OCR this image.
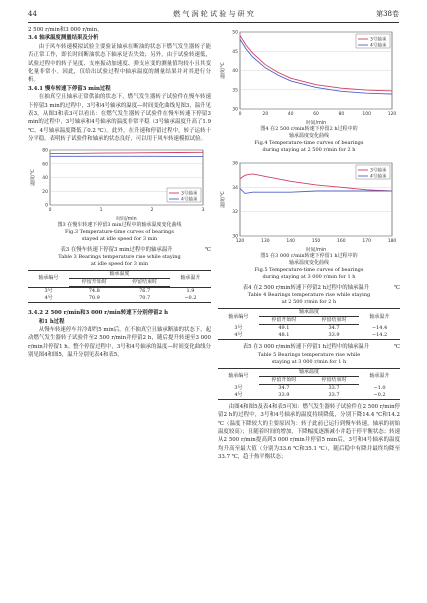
44	燃 气 涡 轮 试 验 与 研 究	第38卷

2 500 r/min和3 000 r/min。

3.4 轴承温度测量结果及分析

由于风车转速模拟试验主要验证轴承在断油的状态下燃气发生器转子能否正常工作，即长时间断油状态下轴承是否失效；另外，由于试验转速低，试验过程中的转子晃度、支座振动加速度、弹支应变的测量值均较小且其变化量非常小。因此，仅给出试验过程中轴承温度的测量结果并对其进行分析。

3.4.1 慢车转速下停留3 min过程

在抽真空且轴承正常供油的状态下，燃气发生器转子试验件在慢车转速下停留3 min的过程中，3号和4号轴承的温度—时间变化曲线见图3，温升见表3。从图3和表3可以看出：在燃气发生器转子试验件在慢车转速下停留3 min的过程中，3号轴承和4号轴承的温度非常平稳（3号轴承温度升高了1.9 ℃，4号轴承温度降低了0.2 ℃）。此外，在升速和停留过程中，转子运转十分平稳，表明转子试验件和轴承的状态良好，可以用于风车转速模拟试验。

0
20
40
60
80
0	1	2	3
时间/min
温度/℃
3号轴承
4号轴承

图3 在慢车转速下停留3 min过程中的轴承温度变化曲线

Fig.3 Temperature-time curves of bearings

stayed at idle speed for 3 min

表3 在慢车转速下停留3 min过程中的轴承温升	℃

Table 3 Bearings temperature rise while staying

at idle speed for 3 min

轴承编号	轴承温度		轴承温升
	停留开始时	停留结束时	

3号	74.8	76.7	1.9
4号	70.9	70.7	−0.2

3.4.2 2 500 r/min和3 000 r/min转速下分别停留2 h

和1 h过程

从慢车转速停车并冷却约5 min后，在不抽真空且轴承断油的状态下，起动燃气发生器转子试验件至2 500 r/min并停留2 h，随后提升转速至3 000 r/min并停留1 h。整个停留过程中，3号和4号轴承的温度—时间变化曲线分别见图4和图5，温升分别见表4和表5。

30
35
40
45
50
0	20	40	60	80	100	120
时间/min
温度/℃
3号轴承
4号轴承

图4 在2 500 r/min转速下停留2 h过程中的

轴承温度变化曲线

Fig.4 Temperature-time curves of bearings

during staying at 2 500 r/min for 2 h

30
32
34
36
120	130	140	150	160	170	180
时间/min
温度/℃
3号轴承
4号轴承

图5 在3 000 r/min转速下停留1 h过程中的

轴承温度变化曲线

Fig.5 Temperature-time curves of bearings

during staying at 3 000 r/min for 1 h

表4 在2 500 r/min转速下停留2 h过程中的轴承温升	℃

Table 4 Bearings temperature rise while staying

at 2 500 r/min for 2 h

轴承编号	轴承温度		轴承温升
	停留开始时	停留结束时	
3号	49.1	34.7	−14.4
4号	48.1	33.9	−14.2
表5 在3 000 r/min转速下停留1 h过程中的轴承温升	℃

Table 5 Bearings temperature rise while

staying at 3 000 r/min for 1 h

轴承编号	轴承温度		轴承温升
	停留开始时	停留结束时	
3号	34.7	33.7	−1.0
4号	33.9	33.7	−0.2

由图4和图5及表4和表5可知：燃气发生器转子试验件在2 500 r/min停留2 h的过程中，3号和4号轴承的温度持续降低，分别下降14.4 ℃和14.2 ℃（温度下降较大的主要原因为：转子此前已运行到慢车转速，轴承的初始温度较高）；且随着时间的增加，下降幅度逐渐减小并趋于停平衡状态；转速从2 500 r/min提高到3 000 r/min并停留5 min后，3号和4号轴承的温度均升高至最大值（分别为33.6 ℃和35.1 ℃），随后稳中有降并最终均降至33.7 ℃，趋于热平衡状态；
